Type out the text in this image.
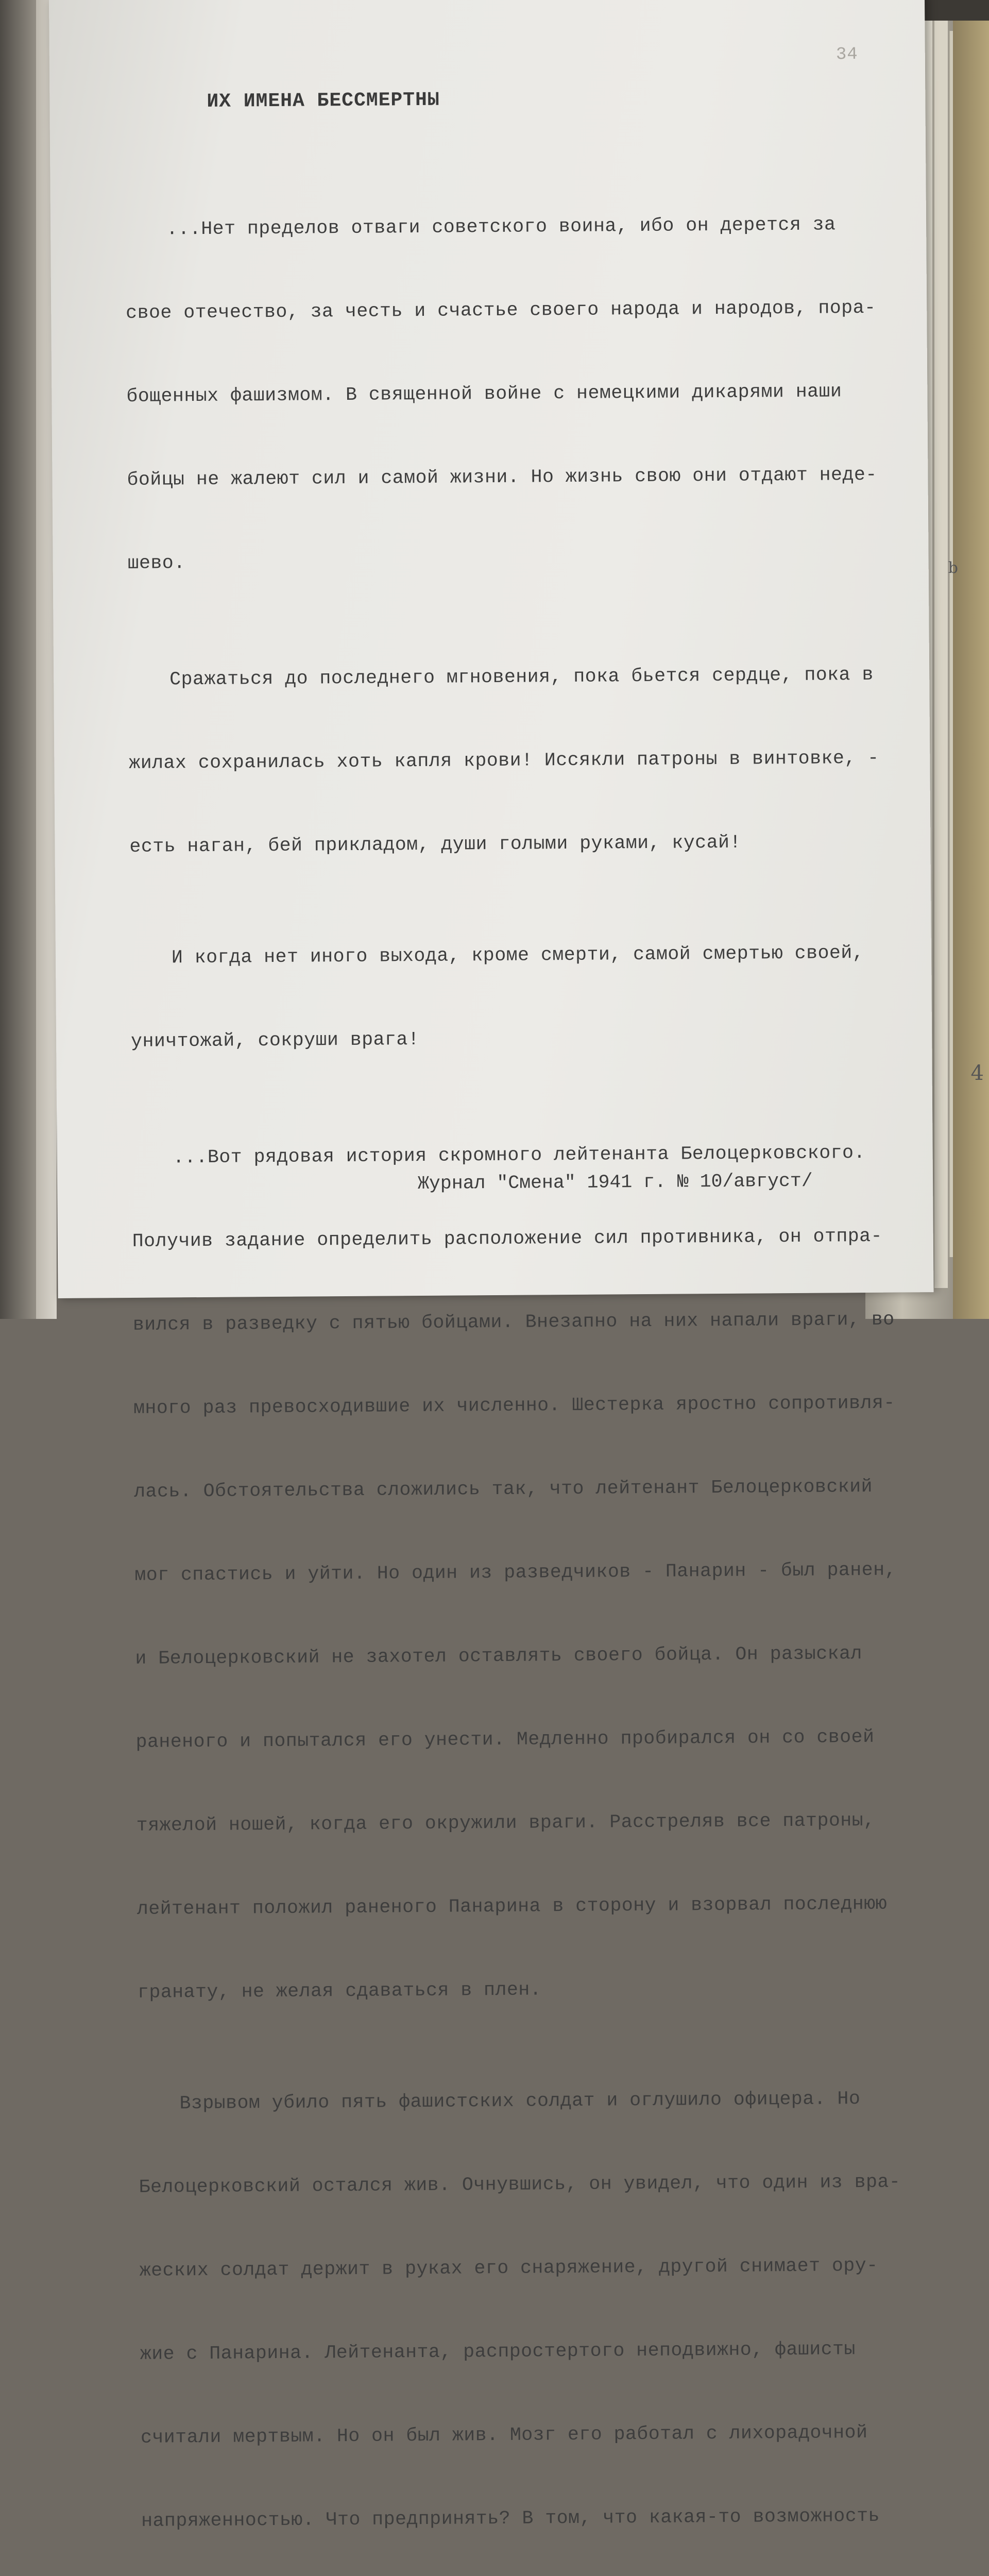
34
ИХ ИМЕНА БЕССМЕРТНЫ

...Нет пределов отваги советского воина, ибо он дерется за

свое отечество, за честь и счастье своего народа и народов, пора-

бощенных фашизмом. В священной войне с немецкими дикарями наши

бойцы не жалеют сил и самой жизни. Но жизнь свою они отдают неде-

шево.

Сражаться до последнего мгновения, пока бьется сердце, пока в

жилах сохранилась хоть капля крови! Иссякли патроны в винтовке, -

есть наган, бей прикладом, души голыми руками, кусай!

И когда нет иного выхода, кроме смерти, самой смертью своей,

уничтожай, сокруши врага!

...Вот рядовая история скромного лейтенанта Белоцерковского.

Получив задание определить расположение сил противника, он отпра-

вился в разведку с пятью бойцами. Внезапно на них напали враги, во

много раз превосходившие их численно. Шестерка яростно сопротивля-

лась. Обстоятельства сложились так, что лейтенант Белоцерковский

мог спастись и уйти. Но один из разведчиков - Панарин - был ранен,

и Белоцерковский не захотел оставлять своего бойца. Он разыскал

раненого и попытался его унести. Медленно пробирался он со своей

тяжелой ношей, когда его окружили враги. Расстреляв все патроны,

лейтенант положил раненого Панарина в сторону и взорвал последнюю

гранату, не желая сдаваться в плен.

Взрывом убило пять фашистских солдат и оглушило офицера. Но

Белоцерковский остался жив. Очнувшись, он увидел, что один из вра-

жеских солдат держит в руках его снаряжение, другой снимает ору-

жие с Панарина. Лейтенанта, распростертого неподвижно, фашисты

считали мертвым. Но он был жив. Мозг его работал с лихорадочной

напряженностью. Что предпринять? В том, что какая-то возможность

Журнал "Смена" 1941 г. № 10/август/
b
4
